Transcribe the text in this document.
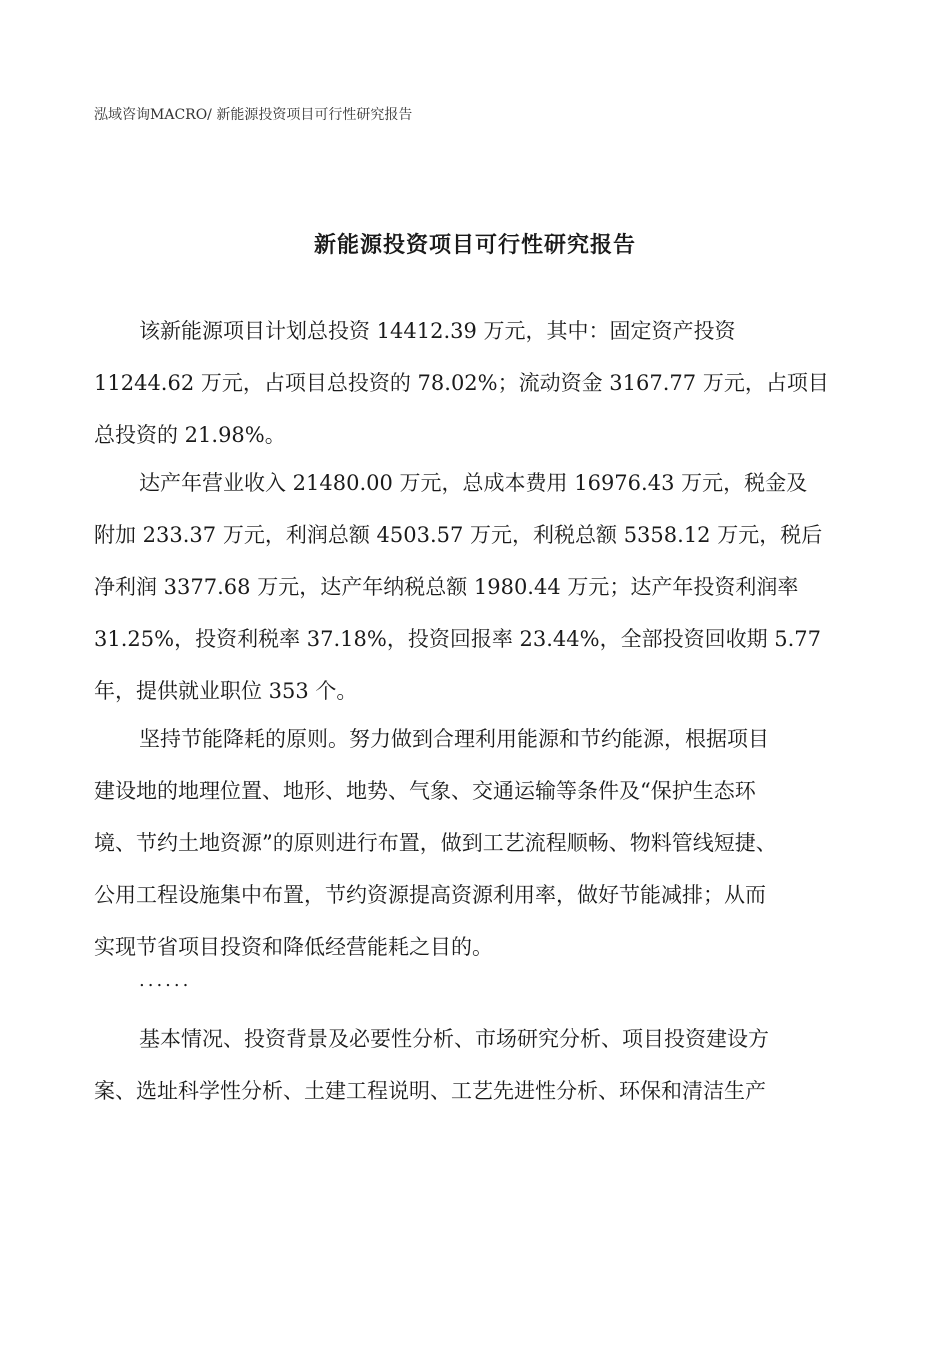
泓域咨询MACRO/ 新能源投资项目可行性研究报告
新能源投资项目可行性研究报告
该新能源项目计划总投资 14412.39 万元，其中：固定资产投资
11244.62 万元，占项目总投资的 78.02%；流动资金 3167.77 万元，占项目
总投资的 21.98%。
达产年营业收入 21480.00 万元，总成本费用 16976.43 万元，税金及
附加 233.37 万元，利润总额 4503.57 万元，利税总额 5358.12 万元，税后
净利润 3377.68 万元，达产年纳税总额 1980.44 万元；达产年投资利润率
31.25%，投资利税率 37.18%，投资回报率 23.44%，全部投资回收期 5.77
年，提供就业职位 353 个。
坚持节能降耗的原则。努力做到合理利用能源和节约能源，根据项目
建设地的地理位置、地形、地势、气象、交通运输等条件及“保护生态环
境、节约土地资源”的原则进行布置，做到工艺流程顺畅、物料管线短捷、
公用工程设施集中布置，节约资源提高资源利用率，做好节能减排；从而
实现节省项目投资和降低经营能耗之目的。
......
基本情况、投资背景及必要性分析、市场研究分析、项目投资建设方
案、选址科学性分析、土建工程说明、工艺先进性分析、环保和清洁生产
